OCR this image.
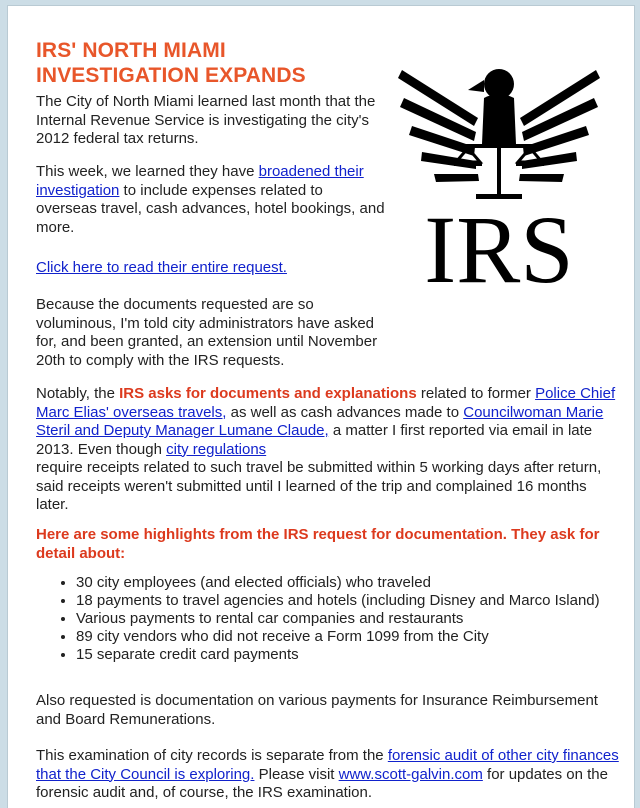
IRS' NORTH MIAMI INVESTIGATION EXPANDS
IRS

The City of North Miami learned last month that the Internal Revenue Service is investigating the city's 2012 federal tax returns.

This week, we learned they have broadened their investigation to include expenses related to overseas travel, cash advances, hotel bookings, and more.

Click here to read their entire request.

Because the documents requested are so voluminous, I'm told city administrators have asked for, and been granted, an extension until November 20th to comply with the IRS requests.

Notably, the IRS asks for documents and explanations related to former Police Chief Marc Elias' overseas travels, as well as cash advances made to Councilwoman Marie Steril and Deputy Manager Lumane Claude, a matter I first reported via email in late 2013. Even though city regulations
require receipts related to such travel be submitted within 5 working days after return, said receipts weren't submitted until I learned of the trip and complained 16 months later.

Here are some highlights from the IRS request for documentation. They ask for detail about:

• 30 city employees (and elected officials) who traveled
• 18 payments to travel agencies and hotels (including Disney and Marco Island)
• Various payments to rental car companies and restaurants
• 89 city vendors who did not receive a Form 1099 from the City
• 15 separate credit card payments

Also requested is documentation on various payments for Insurance Reimbursement and Board Remunerations.

This examination of city records is separate from the forensic audit of other city finances that the City Council is exploring. Please visit www.scott-galvin.com for updates on the forensic audit and, of course, the IRS examination.
